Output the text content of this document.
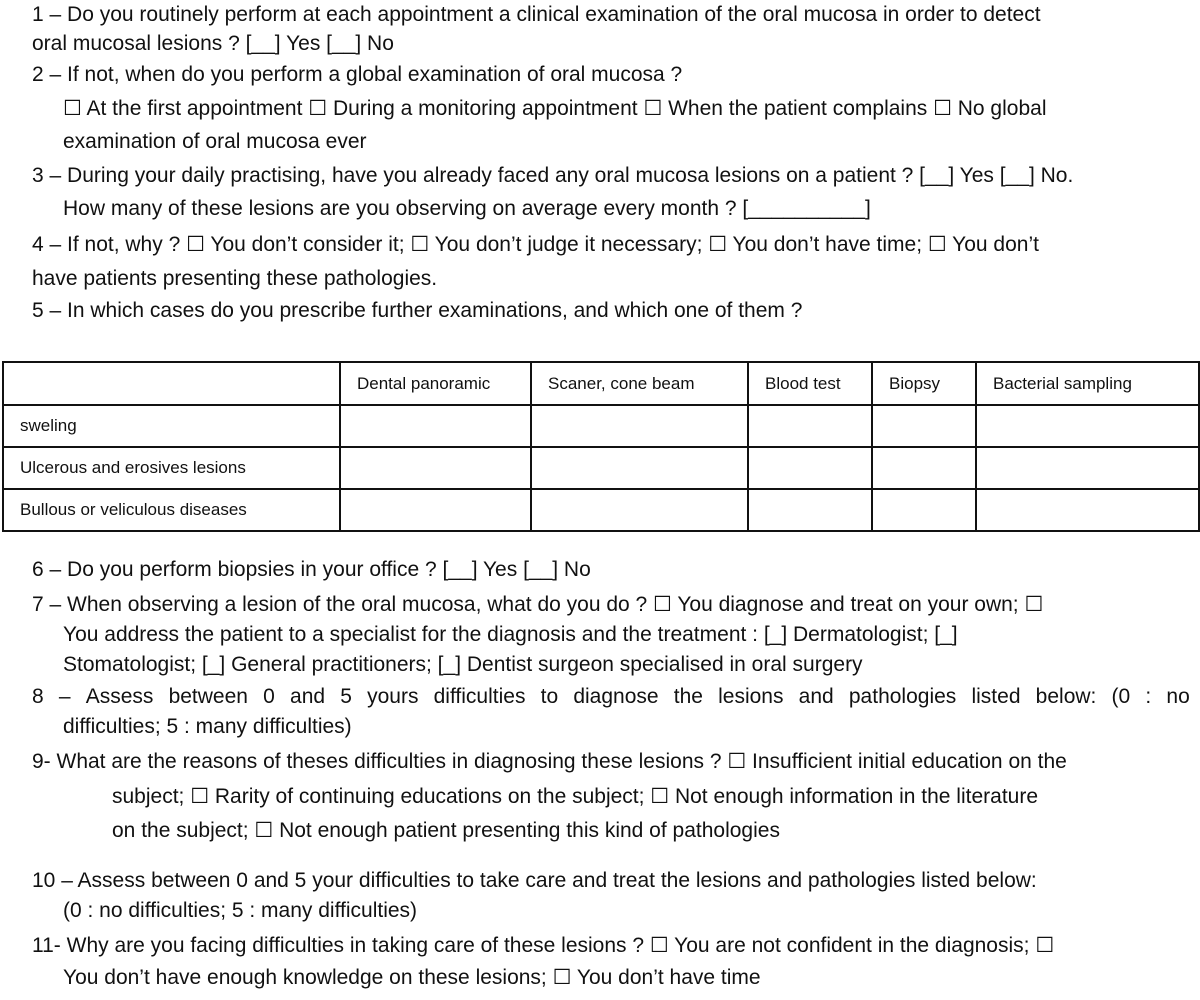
1 – Do you routinely perform at each appointment a clinical examination of the oral mucosa in order to detect
oral mucosal lesions ? [__] Yes [__] No
2 – If not, when do you perform a global examination of oral mucosa ?
☐ At the first appointment ☐ During a monitoring appointment ☐ When the patient complains ☐ No global
examination of oral mucosa ever
3 – During your daily practising, have you already faced any oral mucosa lesions on a patient ? [__] Yes [__] No.
How many of these lesions are you observing on average every month ? [__________]
4 – If not, why ? ☐ You don’t consider it; ☐ You don’t judge it necessary; ☐ You don’t have time; ☐ You don’t
have patients presenting these pathologies.
5 – In which cases do you prescribe further examinations, and which one of them ?
	Dental panoramic	Scaner, cone beam	Blood test	Biopsy	Bacterial sampling
sweling					
Ulcerous and erosives lesions					
Bullous or veliculous diseases					
6 – Do you perform biopsies in your office ? [__] Yes [__] No
7 – When observing a lesion of the oral mucosa, what do you do ? ☐ You diagnose and treat on your own; ☐
You address the patient to a specialist for the diagnosis and the treatment : [_] Dermatologist; [_]
Stomatologist; [_] General practitioners; [_] Dentist surgeon specialised in oral surgery
8 – Assess between 0 and 5 yours difficulties to diagnose the lesions and pathologies listed below: (0 : no
difficulties; 5 : many difficulties)
9- What are the reasons of theses difficulties in diagnosing these lesions ? ☐ Insufficient initial education on the
subject; ☐ Rarity of continuing educations on the subject; ☐ Not enough information in the literature
on the subject; ☐ Not enough patient presenting this kind of pathologies
10 – Assess between 0 and 5 your difficulties to take care and treat the lesions and pathologies listed below:
(0 : no difficulties; 5 : many difficulties)
11- Why are you facing difficulties in taking care of these lesions ? ☐ You are not confident in the diagnosis; ☐
You don’t have enough knowledge on these lesions; ☐ You don’t have time
